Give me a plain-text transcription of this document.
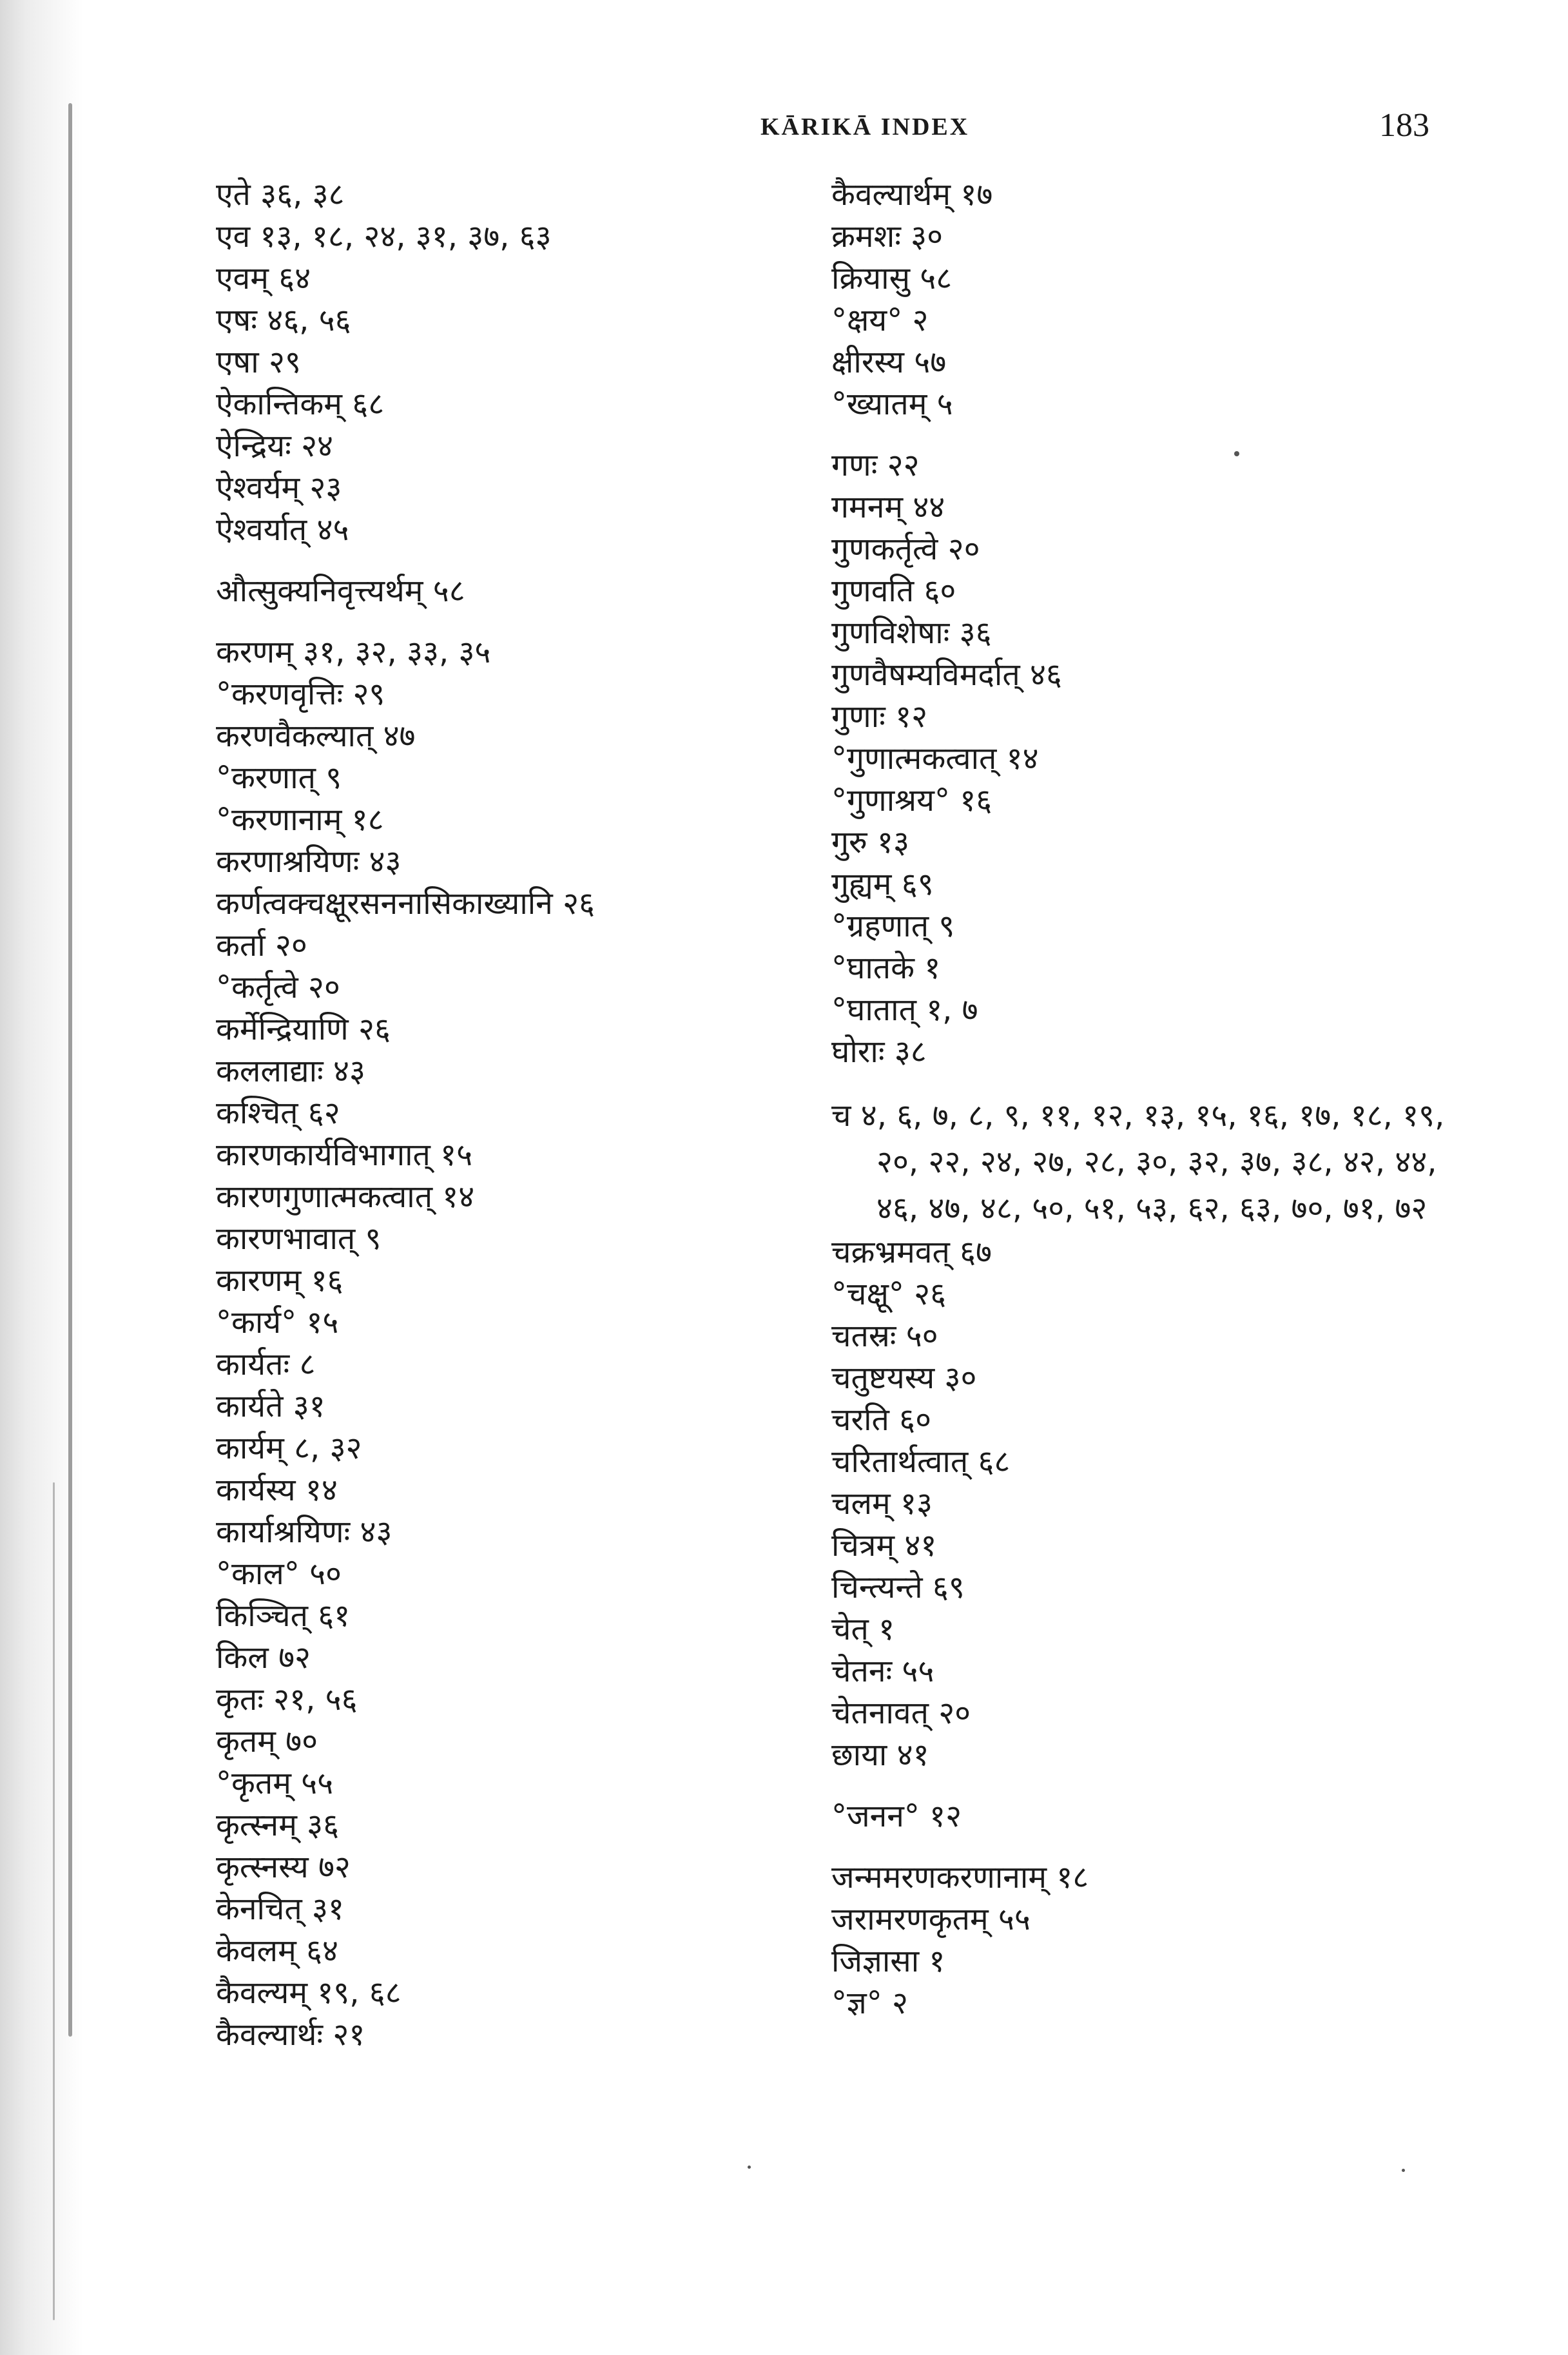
KĀRIKĀ INDEX	183
एते ३६, ३८
एव १३, १८, २४, ३१, ३७, ६३
एवम् ६४
एषः ४६, ५६
एषा २९
ऐकान्तिकम् ६८
ऐन्द्रियः २४
ऐश्वर्यम् २३
ऐश्वर्यात् ४५
औत्सुक्यनिवृत्त्यर्थम् ५८
करणम् ३१, ३२, ३३, ३५
°करणवृत्तिः २९
करणवैकल्यात् ४७
°करणात् ९
°करणानाम् १८
करणाश्रयिणः ४३
कर्णत्वक्चक्षूरसननासिकाख्यानि २६
कर्ता २०
°कर्तृत्वे २०
कर्मेन्द्रियाणि २६
कललाद्याः ४३
कश्चित् ६२
कारणकार्यविभागात् १५
कारणगुणात्मकत्वात् १४
कारणभावात् ९
कारणम् १६
°कार्य° १५
कार्यतः ८
कार्यते ३१
कार्यम् ८, ३२
कार्यस्य १४
कार्याश्रयिणः ४३
°काल° ५०
किञ्चित् ६१
किल ७२
कृतः २१, ५६
कृतम् ७०
°कृतम् ५५
कृत्स्नम् ३६
कृत्स्नस्य ७२
केनचित् ३१
केवलम् ६४
कैवल्यम् १९, ६८
कैवल्यार्थः २१
कैवल्यार्थम् १७
क्रमशः ३०
क्रियासु ५८
°क्षय° २
क्षीरस्य ५७
°ख्यातम् ५
गणः २२
गमनम् ४४
गुणकर्तृत्वे २०
गुणवति ६०
गुणविशेषाः ३६
गुणवैषम्यविमर्दात् ४६
गुणाः १२
°गुणात्मकत्वात् १४
°गुणाश्रय° १६
गुरु १३
गुह्यम् ६९
°ग्रहणात् ९
°घातके १
°घातात् १, ७
घोराः ३८
च ४, ६, ७, ८, ९, ११, १२, १३, १५, १६, १७, १८, १९, २०, २२, २४, २७, २८, ३०, ३२, ३७, ३८, ४२, ४४, ४६, ४७, ४८, ५०, ५१, ५३, ६२, ६३, ७०, ७१, ७२
चक्रभ्रमवत् ६७
°चक्षू° २६
चतस्रः ५०
चतुष्टयस्य ३०
चरति ६०
चरितार्थत्वात् ६८
चलम् १३
चित्रम् ४१
चिन्त्यन्ते ६९
चेत् १
चेतनः ५५
चेतनावत् २०
छाया ४१
°जनन° १२
जन्ममरणकरणानाम् १८
जरामरणकृतम् ५५
जिज्ञासा १
°ज्ञ° २
